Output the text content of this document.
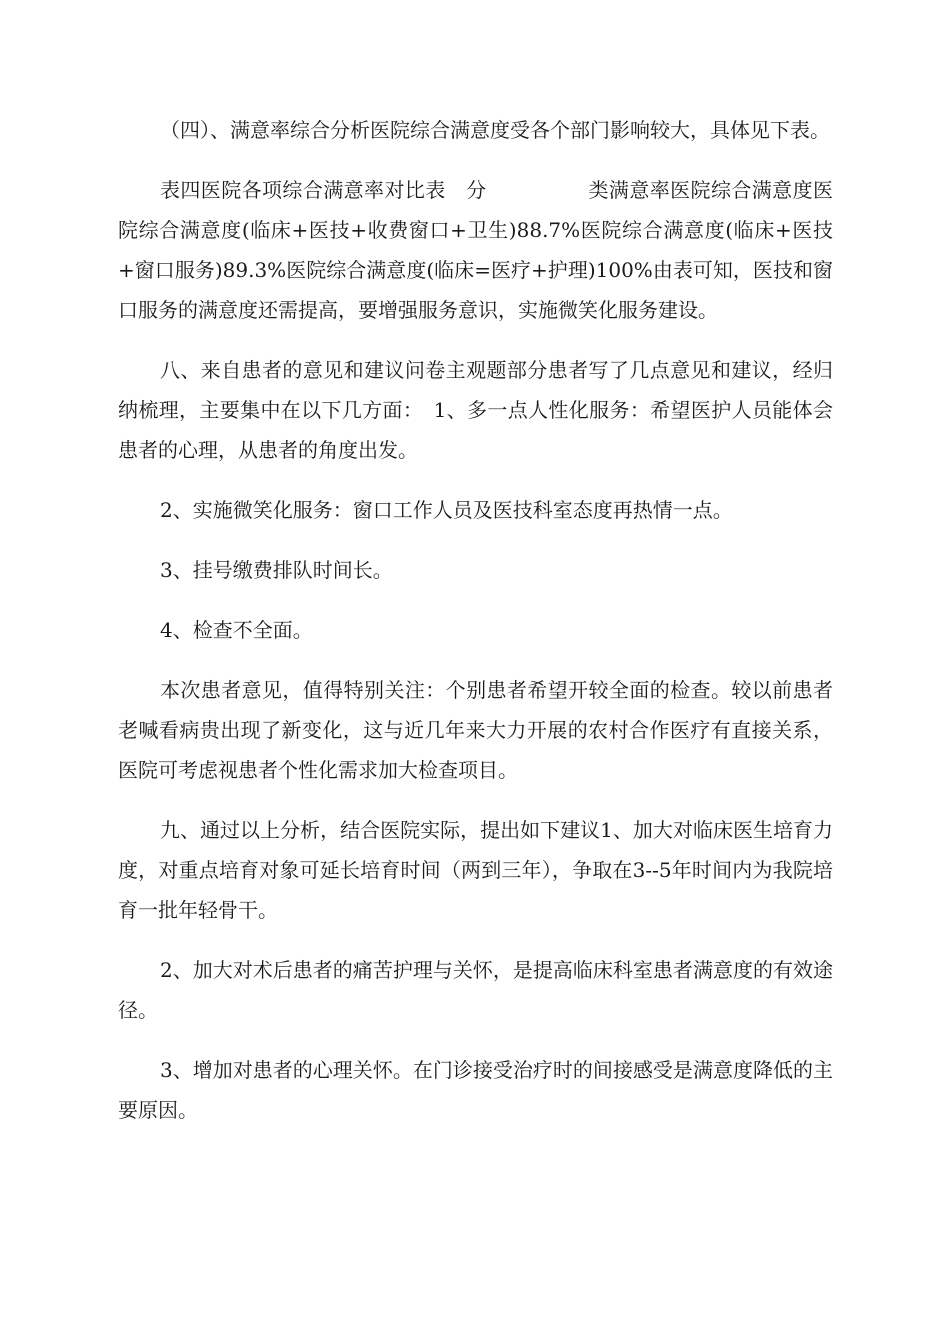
（四）、满意率综合分析医院综合满意度受各个部门影响较大，具体见下表。

表四医院各项综合满意率对比表　分　　　　　类满意率医院综合满意度医院综合满意度(临床+医技+收费窗口+卫生)88.7%医院综合满意度(临床+医技+窗口服务)89.3%医院综合满意度(临床=医疗+护理)100%由表可知，医技和窗口服务的满意度还需提高，要增强服务意识，实施微笑化服务建设。

八、来自患者的意见和建议问卷主观题部分患者写了几点意见和建议，经归纳梳理，主要集中在以下几方面：　1、多一点人性化服务：希望医护人员能体会患者的心理，从患者的角度出发。

2、实施微笑化服务：窗口工作人员及医技科室态度再热情一点。

3、挂号缴费排队时间长。

4、检查不全面。

本次患者意见，值得特别关注：个别患者希望开较全面的检查。较以前患者老喊看病贵出现了新变化，这与近几年来大力开展的农村合作医疗有直接关系，医院可考虑视患者个性化需求加大检查项目。

九、通过以上分析，结合医院实际，提出如下建议1、加大对临床医生培育力度，对重点培育对象可延长培育时间（两到三年），争取在3--5年时间内为我院培育一批年轻骨干。

2、加大对术后患者的痛苦护理与关怀，是提高临床科室患者满意度的有效途径。

3、增加对患者的心理关怀。在门诊接受治疗时的间接感受是满意度降低的主要原因。
